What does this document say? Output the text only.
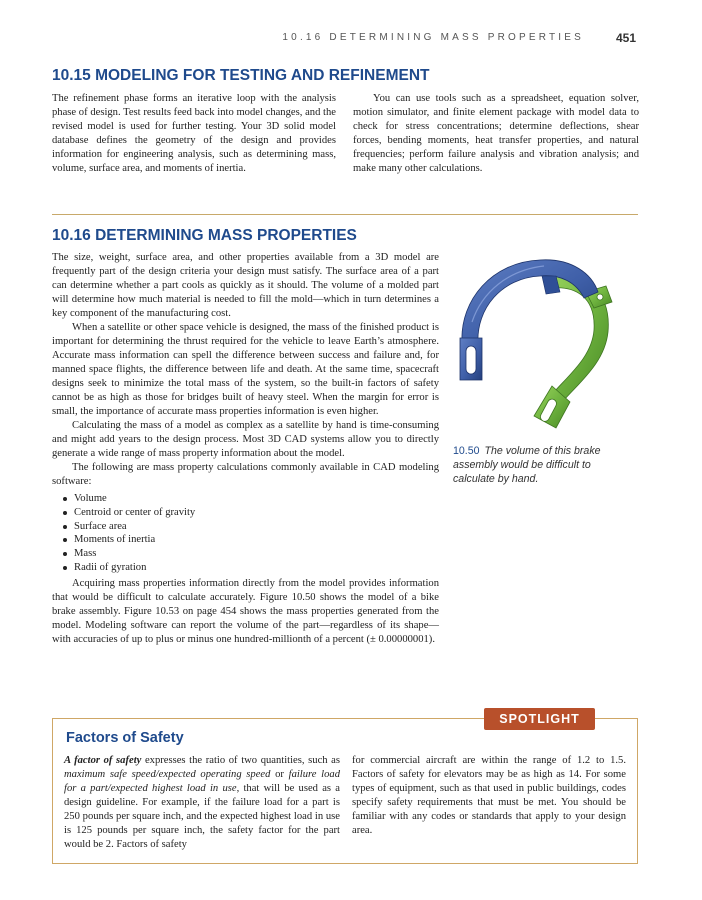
10.16 DETERMINING MASS PROPERTIES	451
10.15 MODELING FOR TESTING AND REFINEMENT

The refinement phase forms an iterative loop with the analysis phase of design. Test results feed back into model changes, and the revised model is used for further testing. Your 3D solid model database defines the geometry of the design and provides information for engineering analysis, such as determining mass, volume, surface area, and moments of inertia.

You can use tools such as a spreadsheet, equation solver, motion simulator, and finite element package with model data to check for stress concentrations; determine deflections, shear forces, bending moments, heat transfer properties, and natural frequencies; perform failure analysis and vibration analysis; and make many other calculations.

10.16 DETERMINING MASS PROPERTIES

The size, weight, surface area, and other properties available from a 3D model are frequently part of the design criteria your design must satisfy. The surface area of a part can determine whether a part cools as quickly as it should. The volume of a molded part will determine how much material is needed to fill the mold—which in turn determines a key component of the manufacturing cost.

When a satellite or other space vehicle is designed, the mass of the finished product is important for determining the thrust required for the vehicle to leave Earth’s atmosphere. Accurate mass information can spell the difference between success and failure and, for manned space flights, the difference between life and death. At the same time, spacecraft designs seek to minimize the total mass of the system, so the built-in factors of safety cannot be as high as those for bridges built of heavy steel. When the margin for error is small, the importance of accurate mass properties information is even higher.

Calculating the mass of a model as complex as a satellite by hand is time-consuming and might add years to the design process. Most 3D CAD systems allow you to directly generate a wide range of mass property information about the model.

The following are mass property calculations commonly available in CAD modeling software:

Volume
Centroid or center of gravity
Surface area
Moments of inertia
Mass
Radii of gyration

Acquiring mass properties information directly from the model provides information that would be difficult to calculate accurately. Figure 10.50 shows the model of a bike brake assembly. Figure 10.53 on page 454 shows the mass properties generated from the model. Modeling software can report the volume of the part—regardless of its shape—with accuracies of up to plus or minus one hundred-millionth of a percent (± 0.00000001).

10.50 The volume of this brake assembly would be difficult to calculate by hand.
SPOTLIGHT
Factors of Safety

A factor of safety expresses the ratio of two quantities, such as maximum safe speed/expected operating speed or failure load for a part/expected highest load in use, that will be used as a design guideline. For example, if the failure load for a part is 250 pounds per square inch, and the expected highest load in use is 125 pounds per square inch, the safety factor for the part would be 2. Factors of safety

for commercial aircraft are within the range of 1.2 to 1.5. Factors of safety for elevators may be as high as 14. For some types of equipment, such as that used in public buildings, codes specify safety requirements that must be met. You should be familiar with any codes or standards that apply to your design area.
